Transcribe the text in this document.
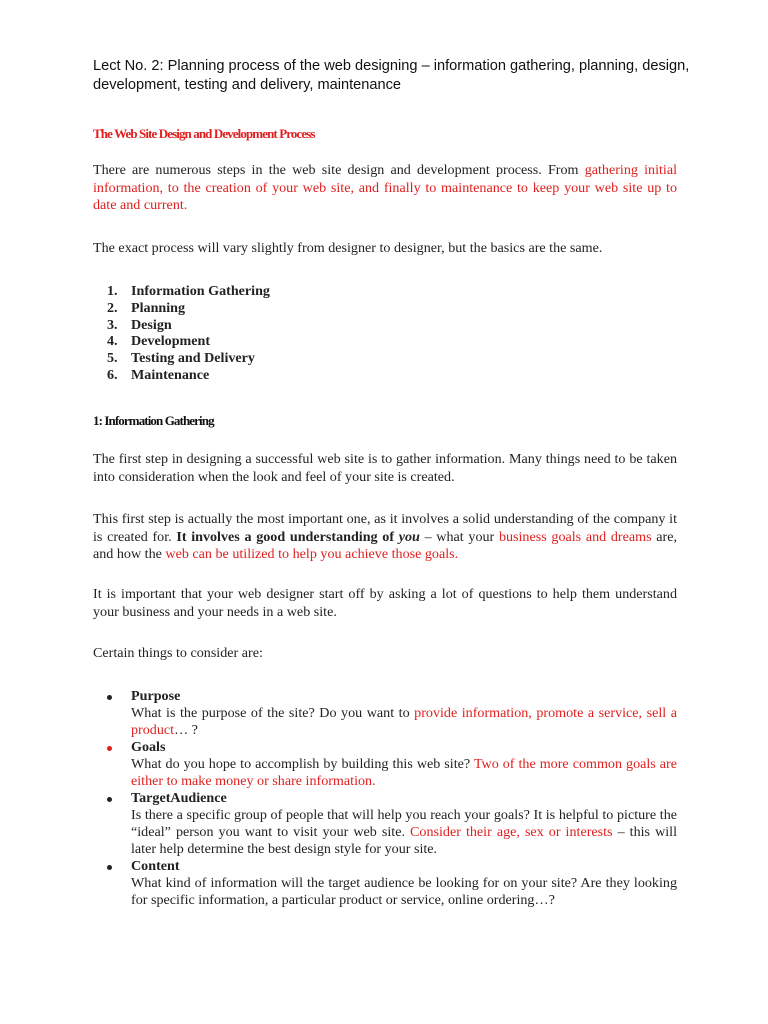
Lect No. 2: Planning process of the web designing – information gathering, planning, design, development, testing and delivery, maintenance
The Web Site Design and Development Process
There are numerous steps in the web site design and development process. From gathering initial information, to the creation of your web site, and finally to maintenance to keep your web site up to date and current.
The exact process will vary slightly from designer to designer, but the basics are the same.
1. Information Gathering
2. Planning
3. Design
4. Development
5. Testing and Delivery
6. Maintenance
1: Information Gathering
The first step in designing a successful web site is to gather information. Many things need to be taken into consideration when the look and feel of your site is created.
This first step is actually the most important one, as it involves a solid understanding of the company it is created for. It involves a good understanding of you – what your business goals and dreams are, and how the web can be utilized to help you achieve those goals.
It is important that your web designer start off by asking a lot of questions to help them understand your business and your needs in a web site.
Certain things to consider are:
Purpose
What is the purpose of the site? Do you want to provide information, promote a service, sell a product… ?
Goals
What do you hope to accomplish by building this web site? Two of the more common goals are either to make money or share information.
TargetAudience
Is there a specific group of people that will help you reach your goals? It is helpful to picture the “ideal” person you want to visit your web site. Consider their age, sex or interests – this will later help determine the best design style for your site.
Content
What kind of information will the target audience be looking for on your site? Are they looking for specific information, a particular product or service, online ordering…?
